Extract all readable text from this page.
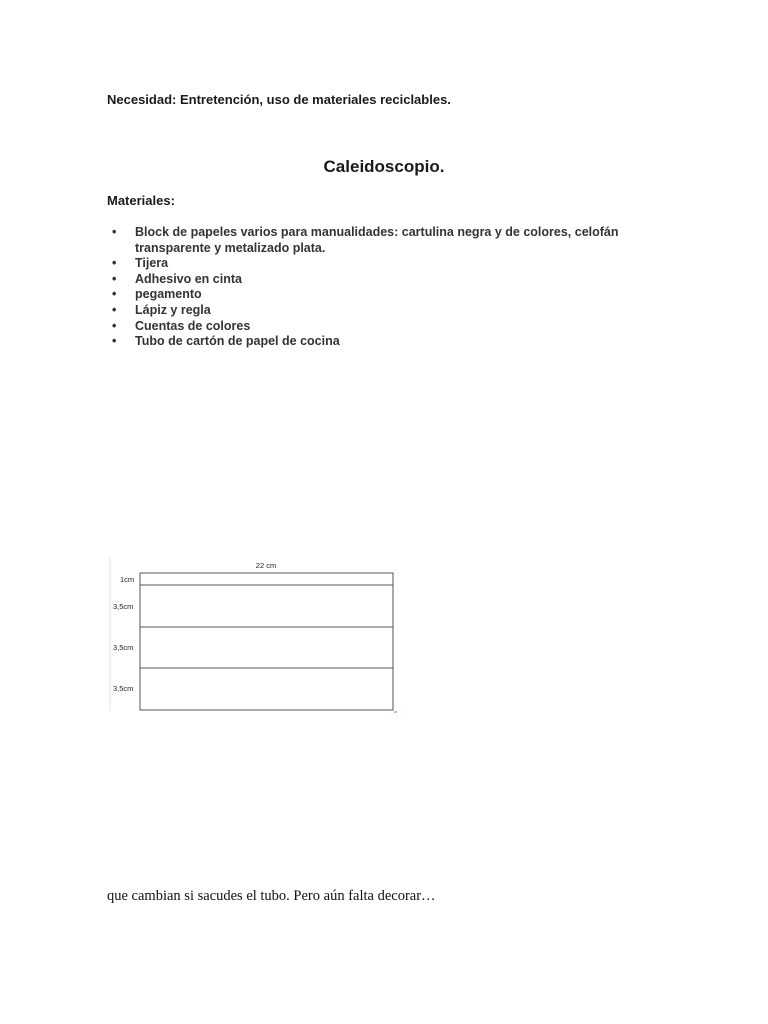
Necesidad: Entretención, uso de materiales reciclables.
Caleidoscopio.
Materiales:
• Block de papeles varios para manualidades: cartulina negra y de colores, celofán transparente y metalizado plata.
• Tijera
• Adhesivo en cinta
• pegamento
• Lápiz y regla
• Cuentas de colores
• Tubo de cartón de papel de cocina
22 cm
1cm
3,5cm
3,5cm
3,5cm
que cambian si sacudes el tubo. Pero aún falta decorar…
